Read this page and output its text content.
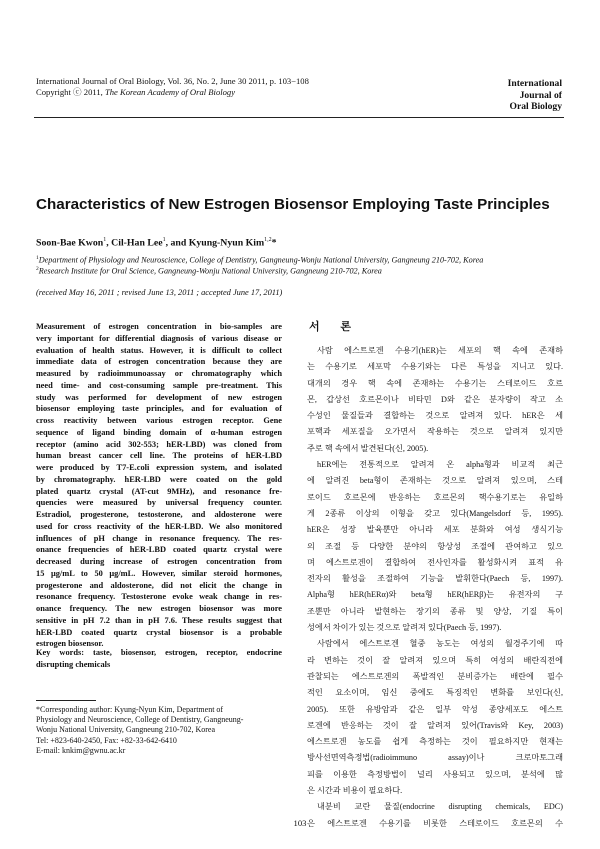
International Journal of Oral Biology, Vol. 36, No. 2, June 30 2011, p. 103−108
Copyright ⓒ 2011, The Korean Academy of Oral Biology
International
Journal of
Oral Biology
Characteristics of New Estrogen Biosensor Employing Taste Principles
Soon-Bae Kwon$^1$, Cil-Han Lee$^1$, and Kyung-Nyun Kim$^{1,2}$*
$^1$Department of Physiology and Neuroscience, College of Dentistry, Gangneung-Wonju National University, Gangneung 210-702, Korea
$^2$Research Institute for Oral Science, Gangneung-Wonju National University, Gangneung 210-702, Korea
(received May 16, 2011 ; revised June 13, 2011 ; accepted June 17, 2011)
Measurement of estrogen concentration in bio-samples are
very important for differential diagnosis of various disease or
evaluation of health status. However, it is difficult to collect
immediate data of estrogen concentration because they are
measured by radioimmunoassay or chromatography which
need time- and cost-consuming sample pre-treatment. This
study was performed for development of new estrogen
biosensor employing taste principles, and for evaluation of
cross reactivity between various estrogen receptor. Gene
sequence of ligand binding domain of α-human estrogen
receptor (amino acid 302-553; hER-LBD) was cloned from
human breast cancer cell line. The proteins of hER-LBD
were produced by T7-E.coli expression system, and isolated
by chromatography. hER-LBD were coated on the gold
plated quartz crystal (AT-cut 9MHz), and resonance fre-
quencies were measured by universal frequency counter.
Estradiol, progesterone, testosterone, and aldosterone were
used for cross reactivity of the hER-LBD. We also monitored
influences of pH change in resonance frequency. The res-
onance frequencies of hER-LBD coated quartz crystal were
decreased during increase of estrogen concentration from
15 μg/mL to 50 μg/mL. However, similar steroid hormones,
progesterone and aldosterone, did not elicit the change in
resonance frequency. Testosterone evoke weak change in res-
onance frequency. The new estrogen biosensor was more
sensitive in pH 7.2 than in pH 7.6. These results suggest that
hER-LBD coated quartz crystal biosensor is a probable
estrogen biosensor.
Key words: taste, biosensor, estrogen, receptor, endocrine
disrupting chemicals
*Corresponding author: Kyung-Nyun Kim, Department of
Physiology and Neuroscience, College of Dentistry, Gangneung-
Wonju National University, Gangneung 210-702, Korea
Tel: +823-640-2450, Fax: +82-33-642-6410
E-mail: knkim@gwnu.ac.kr
서 론
사람 에스트로겐 수용기(hER)는 세포의 핵 속에 존재하
는 수용기로 세포막 수용기와는 다른 특성을 지니고 있다.
대개의 경우 핵 속에 존재하는 수용기는 스테로이드 호르
몬, 갑상선 호르몬이나 비타민 D와 같은 분자량이 작고 소
수성인 물질들과 결합하는 것으로 알려져 있다. hER은 세
포핵과 세포질을 오가면서 작용하는 것으로 알려져 있지만
주로 핵 속에서 발견된다(신, 2005).
hER에는 전통적으로 알려져 온 alpha형과 비교적 최근
에 알려진 beta형이 존재하는 것으로 알려져 있으며, 스테
로이드 호르몬에 반응하는 호르몬의 핵수용기로는 유일하
게 2종류 이상의 이형을 갖고 있다(Mangelsdorf 등, 1995).
hER은 성장 발육뿐만 아니라 세포 분화와 여성 생식기능
의 조절 등 다양한 분야의 항상성 조절에 관여하고 있으
며 에스트로겐이 결합하여 전사인자를 활성화시켜 표적 유
전자의 활성을 조절하여 기능을 발휘한다(Paech 등, 1997).
Alpha형 hER(hERα)와 beta형 hER(hERβ)는 유전자의 구
조뿐만 아니라 발현하는 장기의 종류 및 양상, 기질 특이
성에서 차이가 있는 것으로 알려져 있다(Paech 등, 1997).
사람에서 에스트로겐 혈중 농도는 여성의 월경주기에 따
라 변하는 것이 잘 알려져 있으며 특히 여성의 배란직전에
관찰되는 에스트로겐의 폭발적인 분비증가는 배란에 필수
적인 요소이며, 임신 중에도 특징적인 변화를 보인다(신,
2005). 또한 유방암과 같은 일부 악성 종양세포도 에스트
로겐에 반응하는 것이 잘 알려져 있어(Travis와 Key, 2003)
에스트로겐 농도를 쉽게 측정하는 것이 필요하지만 현재는
방사선면역측정법(radioimmuno assay)이나 크로마토그래
피를 이용한 측정방법이 널리 사용되고 있으며, 분석에 많
은 시간과 비용이 필요하다.
내분비 교란 물질(endocrine disrupting chemicals, EDC)
은 에스트로겐 수용기를 비롯한 스테로이드 호르몬의 수
103
